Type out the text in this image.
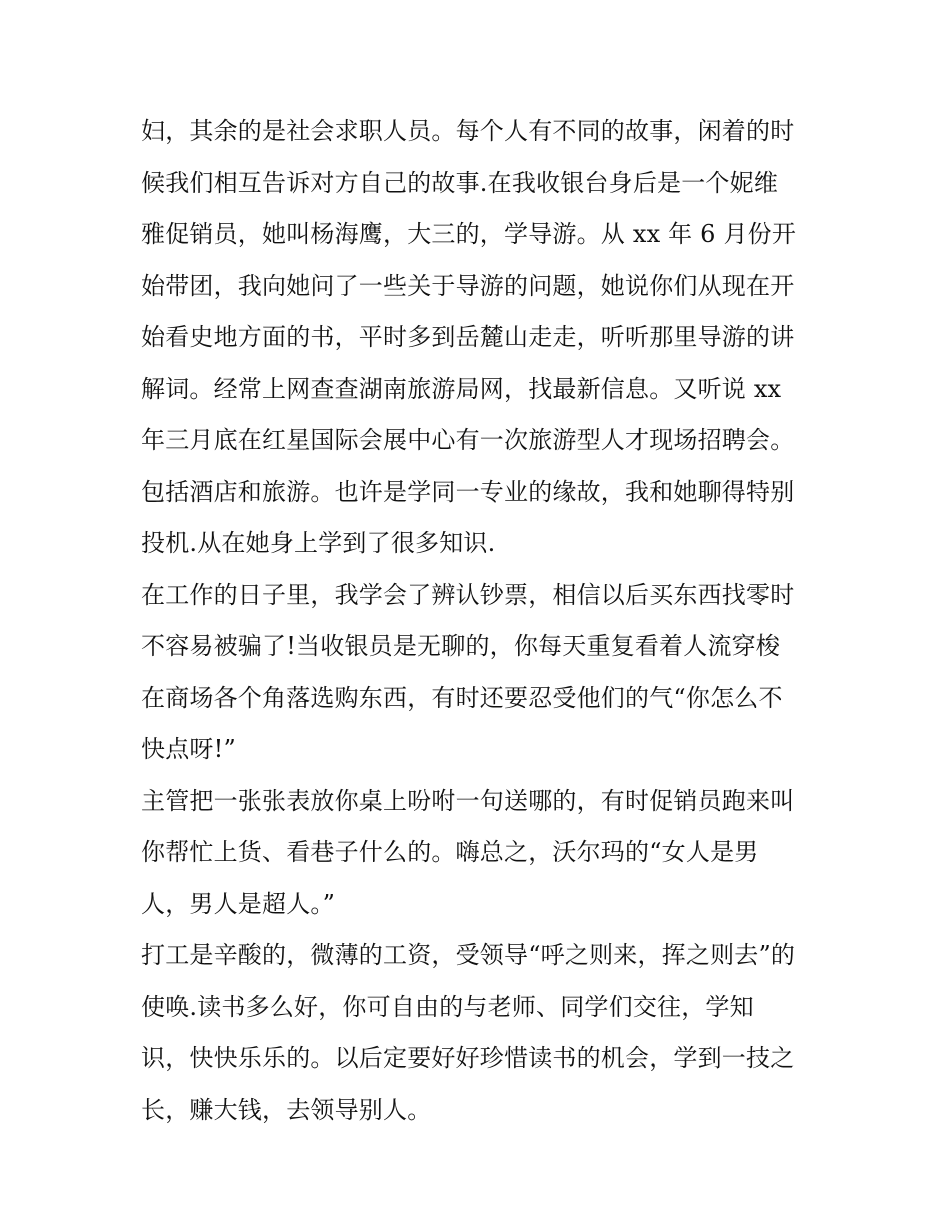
妇，其余的是社会求职人员。每个人有不同的故事，闲着的时
候我们相互告诉对方自己的故事.在我收银台身后是一个妮维
雅促销员，她叫杨海鹰，大三的，学导游。从 xx 年 6 月份开
始带团，我向她问了一些关于导游的问题，她说你们从现在开
始看史地方面的书，平时多到岳麓山走走，听听那里导游的讲
解词。经常上网查查湖南旅游局网，找最新信息。又听说 xx
年三月底在红星国际会展中心有一次旅游型人才现场招聘会。
包括酒店和旅游。也许是学同一专业的缘故，我和她聊得特别
投机.从在她身上学到了很多知识.
在工作的日子里，我学会了辨认钞票，相信以后买东西找零时
不容易被骗了!当收银员是无聊的，你每天重复看着人流穿梭
在商场各个角落选购东西，有时还要忍受他们的气“你怎么不
快点呀!”
主管把一张张表放你桌上吩咐一句送哪的，有时促销员跑来叫
你帮忙上货、看巷子什么的。嗨总之，沃尔玛的“女人是男
人，男人是超人。”
打工是辛酸的，微薄的工资，受领导“呼之则来，挥之则去”的
使唤.读书多么好，你可自由的与老师、同学们交往，学知
识，快快乐乐的。以后定要好好珍惜读书的机会，学到一技之
长，赚大钱，去领导别人。
